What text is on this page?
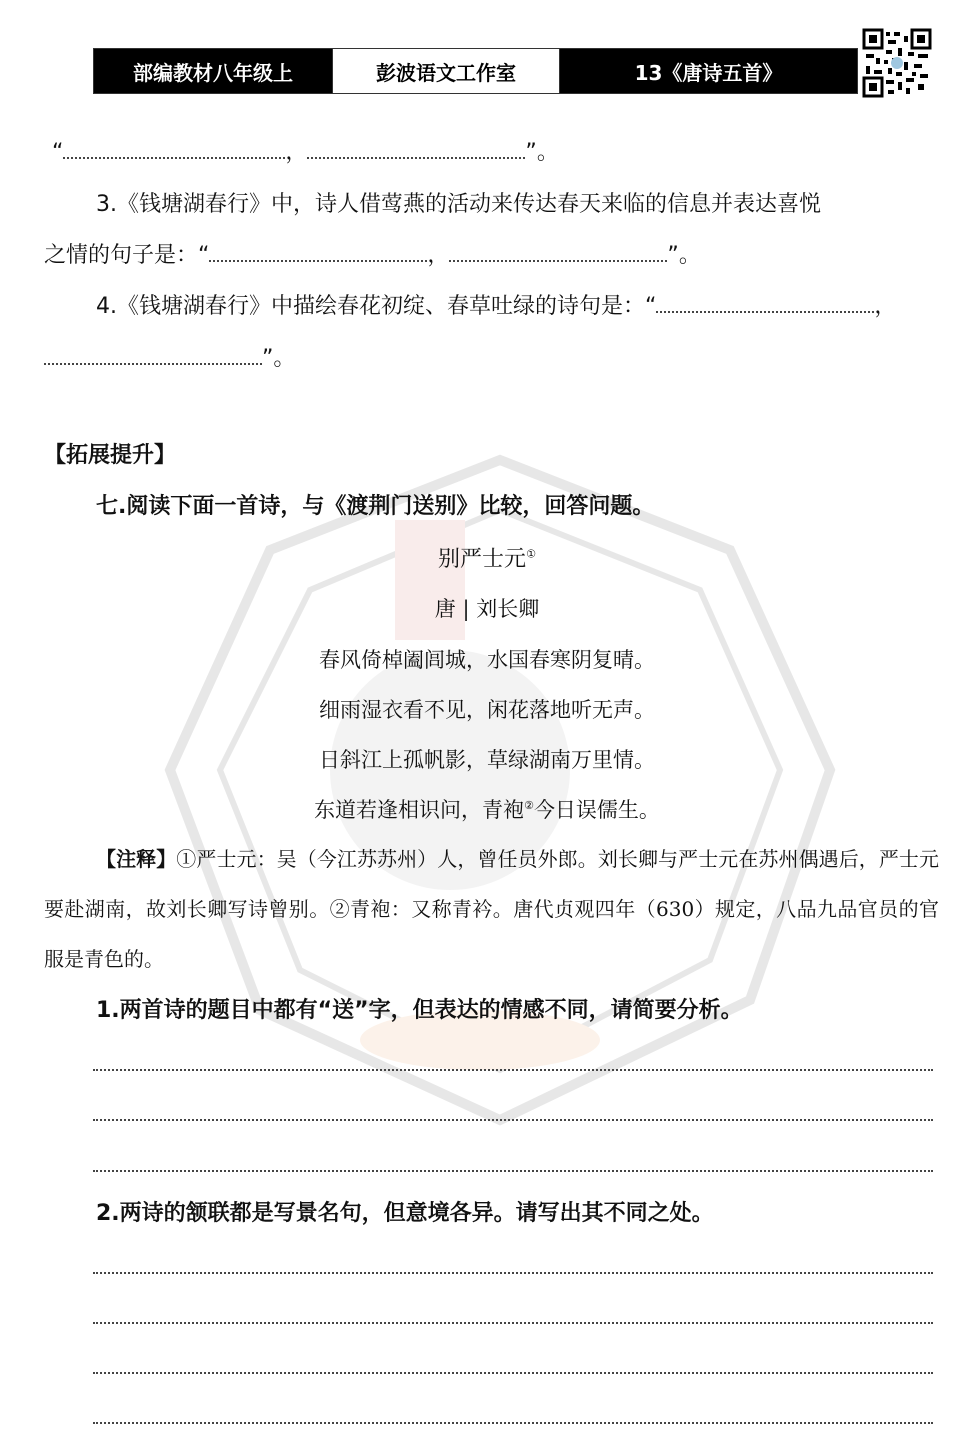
部编教材八年级上	彭波语文工作室	13《唐诗五首》
“	，	”。
3.《钱塘湖春行》中，诗人借莺燕的活动来传达春天来临的信息并表达喜悦
之情的句子是：“	，	”。
4.《钱塘湖春行》中描绘春花初绽、春草吐绿的诗句是：“	，
”。
【拓展提升】
七.阅读下面一首诗，与《渡荆门送别》比较，回答问题。
别严士元①
唐 | 刘长卿
春风倚棹阖闾城，水国春寒阴复晴。
细雨湿衣看不见，闲花落地听无声。
日斜江上孤帆影，草绿湖南万里情。
东道若逢相识问，青袍②今日误儒生。
【注释】①严士元：吴（今江苏苏州）人，曾任员外郎。刘长卿与严士元在苏州偶遇后，严士元要赴湖南，故刘长卿写诗曾别。②青袍：又称青衿。唐代贞观四年（630）规定，八品九品官员的官服是青色的。
1.两首诗的题目中都有“送”字，但表达的情感不同，请简要分析。
2.两诗的颔联都是写景名句，但意境各异。请写出其不同之处。
